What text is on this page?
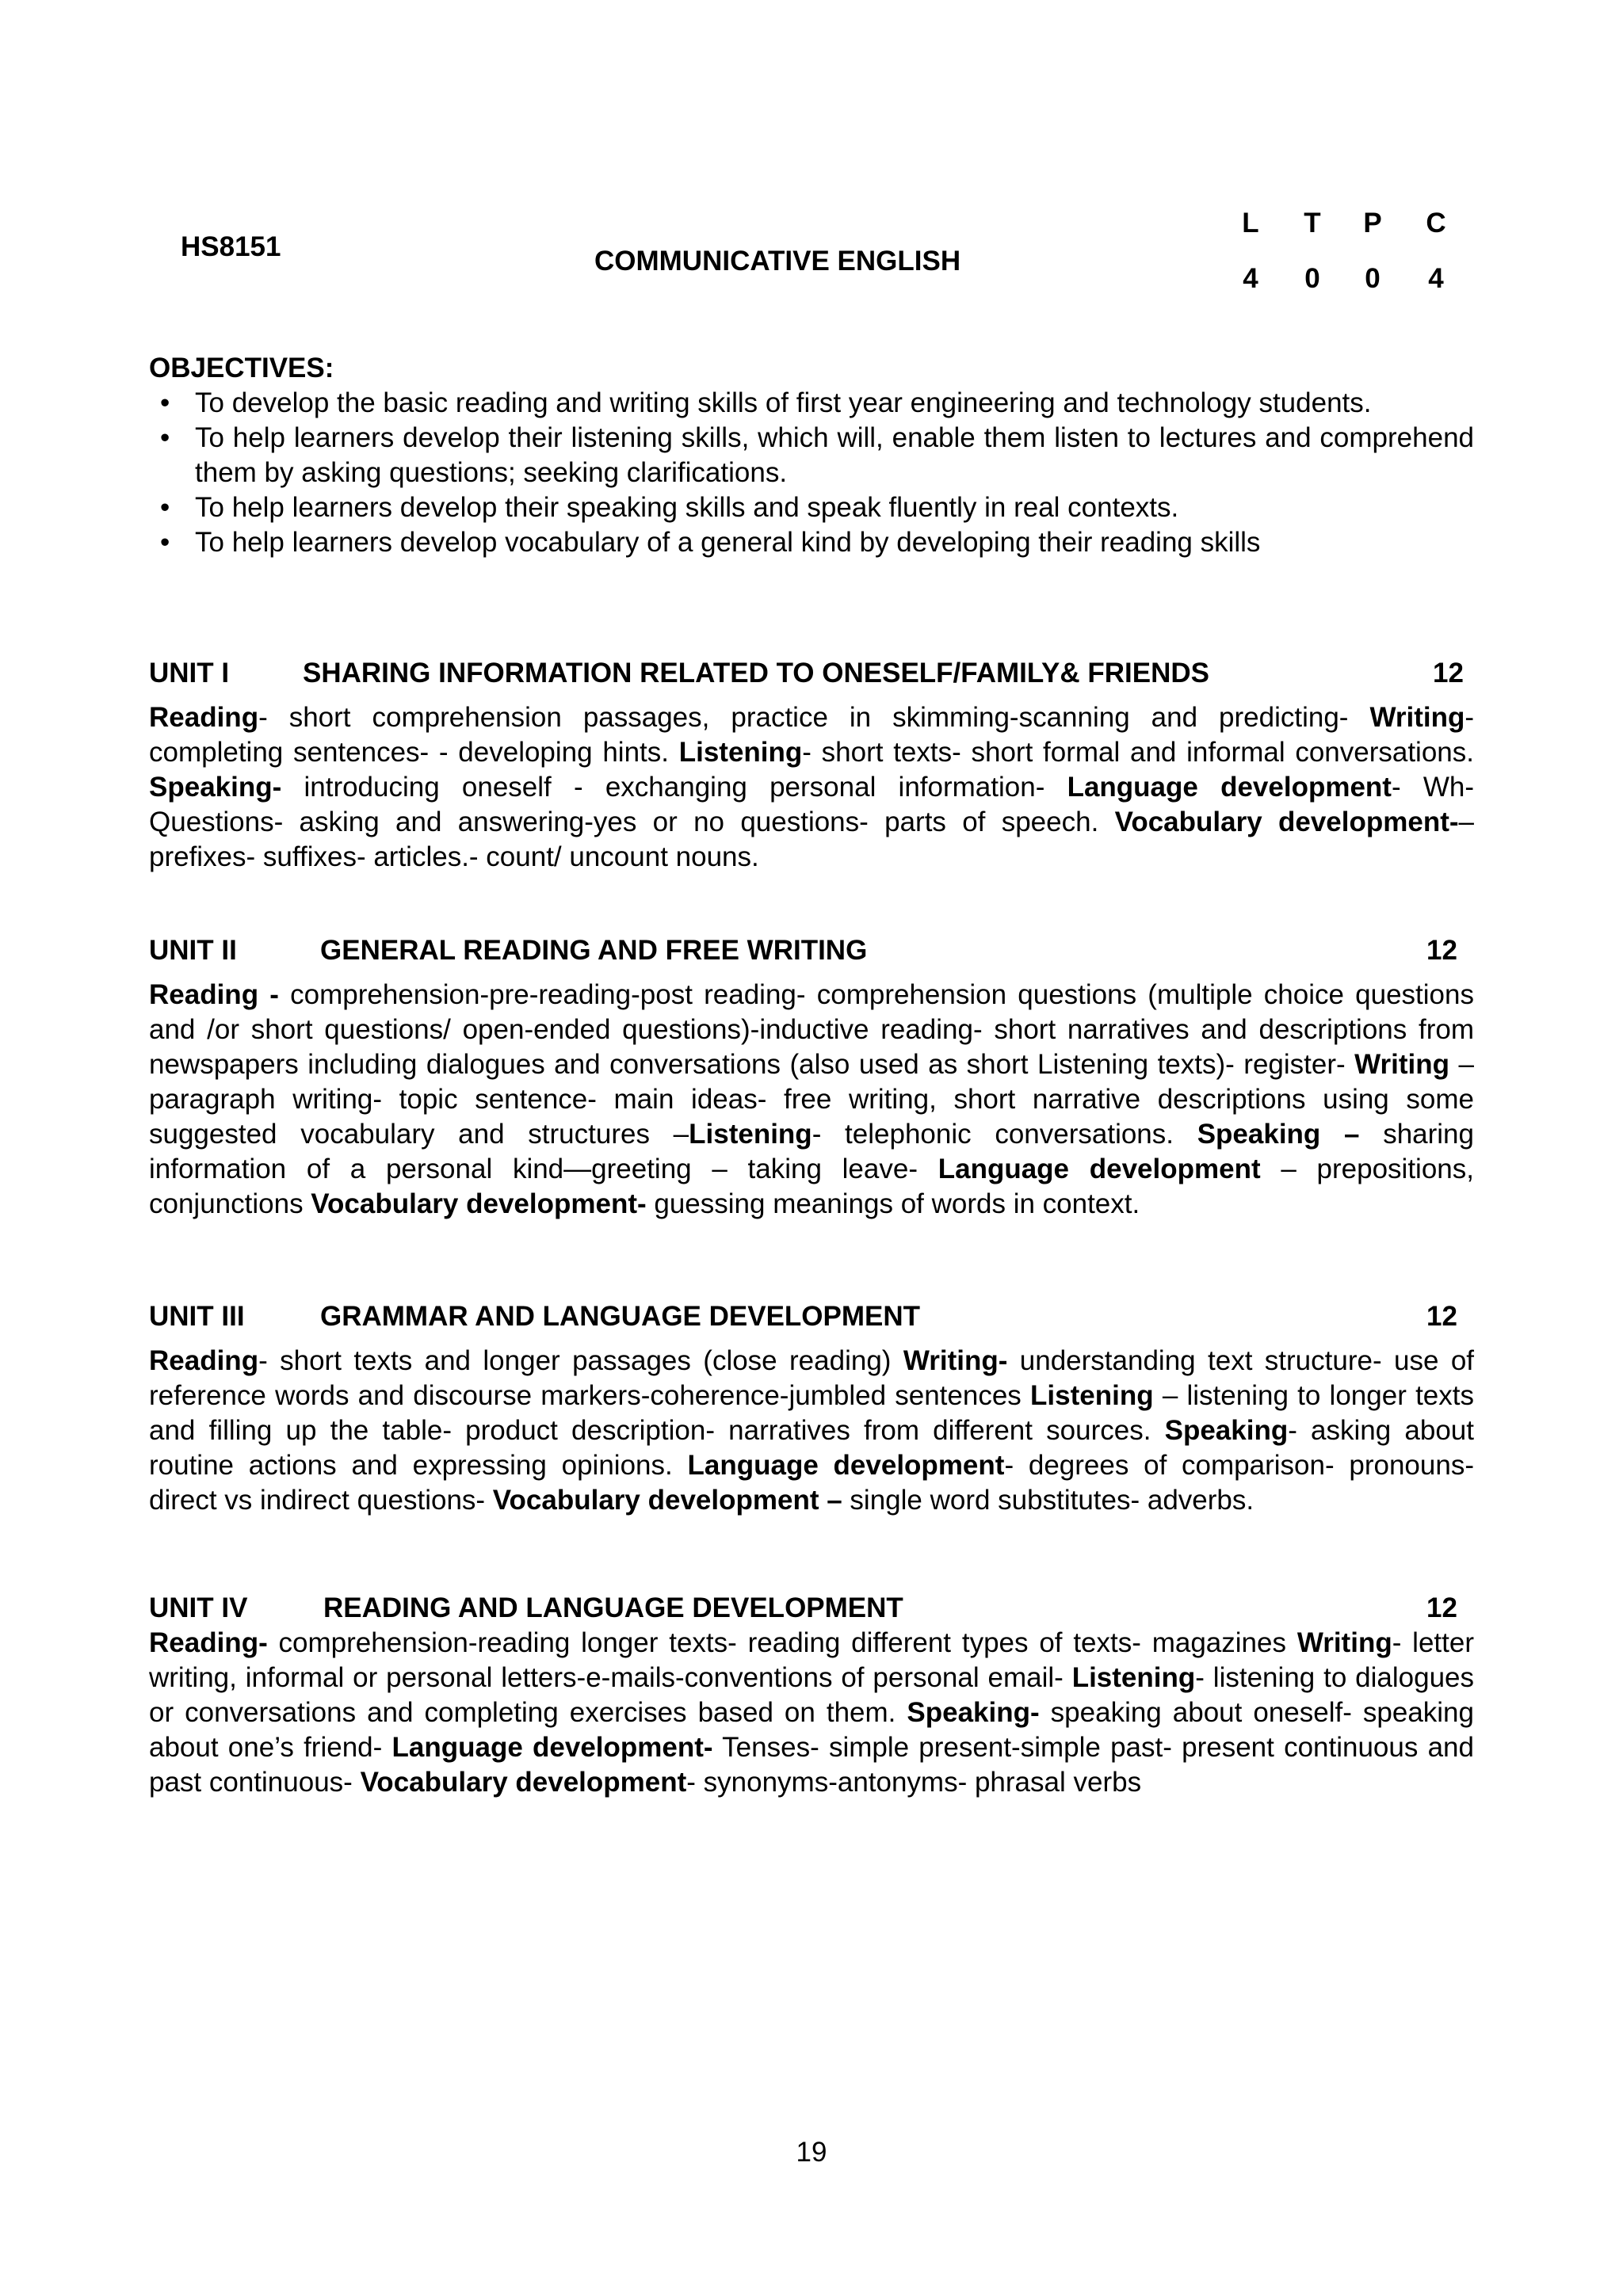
HS8151	COMMUNICATIVE ENGLISH
L	T	P	C
4	0	0	4
OBJECTIVES:
• To develop the basic reading and writing skills of first year engineering and technology students.
• To help learners develop their listening skills, which will, enable them listen to lectures and comprehend them by asking questions; seeking clarifications.
• To help learners develop their speaking skills and speak fluently in real contexts.
• To help learners develop vocabulary of a general kind by developing their reading skills
UNIT I	SHARING INFORMATION RELATED TO ONESELF/FAMILY& FRIENDS	12
Reading- short comprehension passages, practice in skimming-scanning and predicting- Writing- completing sentences- - developing hints. Listening- short texts- short formal and informal conversations. Speaking- introducing oneself - exchanging personal information- Language development- Wh- Questions- asking and answering-yes or no questions- parts of speech. Vocabulary development-– prefixes- suffixes- articles.- count/ uncount nouns.
UNIT II	GENERAL READING AND FREE WRITING	12
Reading - comprehension-pre-reading-post reading- comprehension questions (multiple choice questions and /or short questions/ open-ended questions)-inductive reading- short narratives and descriptions from newspapers including dialogues and conversations (also used as short Listening texts)- register- Writing – paragraph writing- topic sentence- main ideas- free writing, short narrative descriptions using some suggested vocabulary and structures –Listening- telephonic conversations. Speaking – sharing information of a personal kind—greeting – taking leave- Language development – prepositions, conjunctions Vocabulary development- guessing meanings of words in context.
UNIT III	GRAMMAR AND LANGUAGE DEVELOPMENT	12
Reading- short texts and longer passages (close reading) Writing- understanding text structure- use of reference words and discourse markers-coherence-jumbled sentences Listening – listening to longer texts and filling up the table- product description- narratives from different sources. Speaking- asking about routine actions and expressing opinions. Language development- degrees of comparison- pronouns- direct vs indirect questions- Vocabulary development – single word substitutes- adverbs.
UNIT IV	READING AND LANGUAGE DEVELOPMENT	12
Reading- comprehension-reading longer texts- reading different types of texts- magazines Writing- letter writing, informal or personal letters-e-mails-conventions of personal email- Listening- listening to dialogues or conversations and completing exercises based on them. Speaking- speaking about oneself- speaking about one’s friend- Language development- Tenses- simple present-simple past- present continuous and past continuous- Vocabulary development- synonyms-antonyms- phrasal verbs
19
